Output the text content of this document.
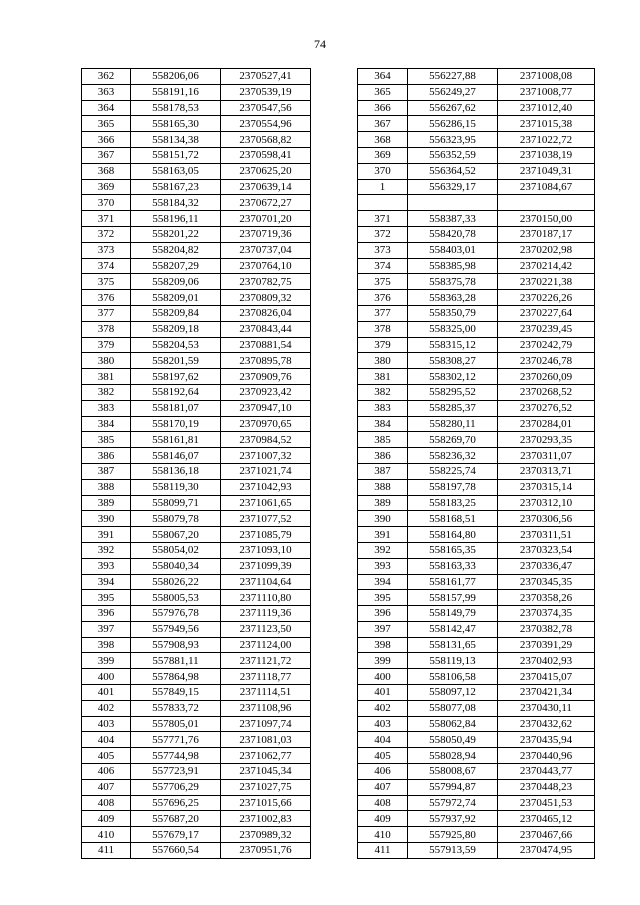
74
362	558206,06	2370527,41		364	556227,88	2371008,08
363	558191,16	2370539,19		365	556249,27	2371008,77
364	558178,53	2370547,56		366	556267,62	2371012,40
365	558165,30	2370554,96		367	556286,15	2371015,38
366	558134,38	2370568,82		368	556323,95	2371022,72
367	558151,72	2370598,41		369	556352,59	2371038,19
368	558163,05	2370625,20		370	556364,52	2371049,31
369	558167,23	2370639,14		1	556329,17	2371084,67
370	558184,32	2370672,27				
371	558196,11	2370701,20		371	558387,33	2370150,00
372	558201,22	2370719,36		372	558420,78	2370187,17
373	558204,82	2370737,04		373	558403,01	2370202,98
374	558207,29	2370764,10		374	558385,98	2370214,42
375	558209,06	2370782,75		375	558375,78	2370221,38
376	558209,01	2370809,32		376	558363,28	2370226,26
377	558209,84	2370826,04		377	558350,79	2370227,64
378	558209,18	2370843,44		378	558325,00	2370239,45
379	558204,53	2370881,54		379	558315,12	2370242,79
380	558201,59	2370895,78		380	558308,27	2370246,78
381	558197,62	2370909,76		381	558302,12	2370260,09
382	558192,64	2370923,42		382	558295,52	2370268,52
383	558181,07	2370947,10		383	558285,37	2370276,52
384	558170,19	2370970,65		384	558280,11	2370284,01
385	558161,81	2370984,52		385	558269,70	2370293,35
386	558146,07	2371007,32		386	558236,32	2370311,07
387	558136,18	2371021,74		387	558225,74	2370313,71
388	558119,30	2371042,93		388	558197,78	2370315,14
389	558099,71	2371061,65		389	558183,25	2370312,10
390	558079,78	2371077,52		390	558168,51	2370306,56
391	558067,20	2371085,79		391	558164,80	2370311,51
392	558054,02	2371093,10		392	558165,35	2370323,54
393	558040,34	2371099,39		393	558163,33	2370336,47
394	558026,22	2371104,64		394	558161,77	2370345,35
395	558005,53	2371110,80		395	558157,99	2370358,26
396	557976,78	2371119,36		396	558149,79	2370374,35
397	557949,56	2371123,50		397	558142,47	2370382,78
398	557908,93	2371124,00		398	558131,65	2370391,29
399	557881,11	2371121,72		399	558119,13	2370402,93
400	557864,98	2371118,77		400	558106,58	2370415,07
401	557849,15	2371114,51		401	558097,12	2370421,34
402	557833,72	2371108,96		402	558077,08	2370430,11
403	557805,01	2371097,74		403	558062,84	2370432,62
404	557771,76	2371081,03		404	558050,49	2370435,94
405	557744,98	2371062,77		405	558028,94	2370440,96
406	557723,91	2371045,34		406	558008,67	2370443,77
407	557706,29	2371027,75		407	557994,87	2370448,23
408	557696,25	2371015,66		408	557972,74	2370451,53
409	557687,20	2371002,83		409	557937,92	2370465,12
410	557679,17	2370989,32		410	557925,80	2370467,66
411	557660,54	2370951,76		411	557913,59	2370474,95
